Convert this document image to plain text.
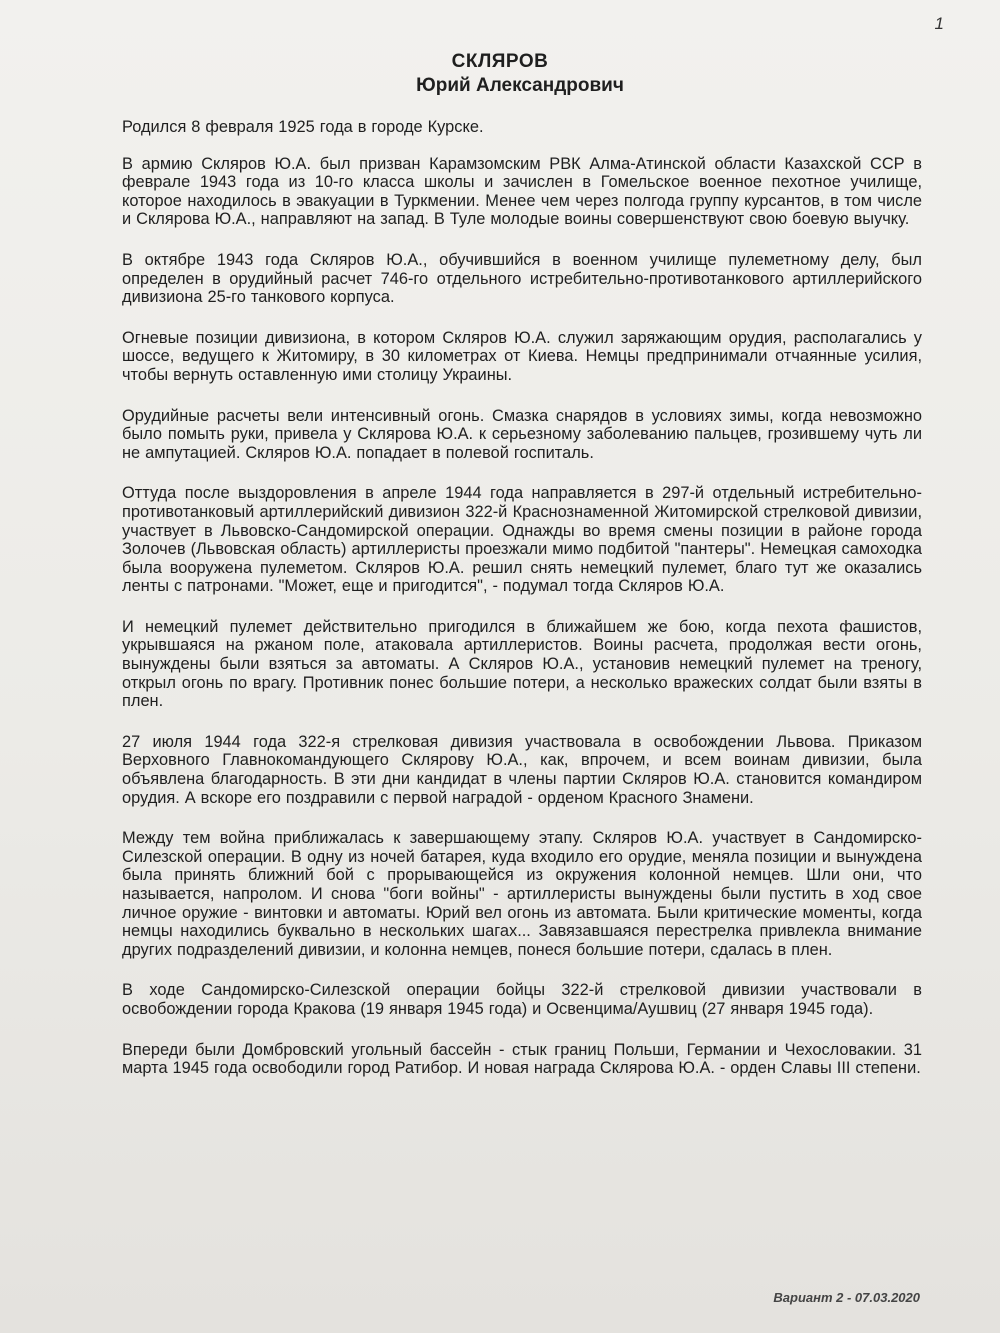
1
СКЛЯРОВ
Юрий Александрович

Родился 8 февраля 1925 года в городе Курске.

В армию Скляров Ю.А. был призван Карамзомским РВК Алма-Атинской области Казахской ССР в феврале 1943 года из 10-го класса школы и зачислен в Гомельское военное пехотное училище, которое находилось в эвакуации в Туркмении. Менее чем через полгода группу курсантов, в том числе и Склярова Ю.А., направляют на запад. В Туле молодые воины совершенствуют свою боевую выучку.

В октябре 1943 года Скляров Ю.А., обучившийся в военном училище пулеметному делу, был определен в орудийный расчет 746-го отдельного истребительно-противотанкового артиллерийского дивизиона 25-го танкового корпуса.

Огневые позиции дивизиона, в котором Скляров Ю.А. служил заряжающим орудия, располагались у шоссе, ведущего к Житомиру, в 30 километрах от Киева. Немцы предпринимали отчаянные усилия, чтобы вернуть оставленную ими столицу Украины.

Орудийные расчеты вели интенсивный огонь. Смазка снарядов в условиях зимы, когда невозможно было помыть руки, привела у Склярова Ю.А. к серьезному заболеванию пальцев, грозившему чуть ли не ампутацией. Скляров Ю.А. попадает в полевой госпиталь.

Оттуда после выздоровления в апреле 1944 года направляется в 297-й отдельный истребительно-противотанковый артиллерийский дивизион 322-й Краснознаменной Житомирской стрелковой дивизии, участвует в Львовско-Сандомирской операции. Однажды во время смены позиции в районе города Золочев (Львовская область) артиллеристы проезжали мимо подбитой "пантеры". Немецкая самоходка была вооружена пулеметом. Скляров Ю.А. решил снять немецкий пулемет, благо тут же оказались ленты с патронами. "Может, еще и пригодится", - подумал тогда Скляров Ю.А.

И немецкий пулемет действительно пригодился в ближайшем же бою, когда пехота фашистов, укрывшаяся на ржаном поле, атаковала артиллеристов. Воины расчета, продолжая вести огонь, вынуждены были взяться за автоматы. А Скляров Ю.А., установив немецкий пулемет на треногу, открыл огонь по врагу. Противник понес большие потери, а несколько вражеских солдат были взяты в плен.

27 июля 1944 года 322-я стрелковая дивизия участвовала в освобождении Львова. Приказом Верховного Главнокомандующего Склярову Ю.А., как, впрочем, и всем воинам дивизии, была объявлена благодарность. В эти дни кандидат в члены партии Скляров Ю.А. становится командиром орудия. А вскоре его поздравили с первой наградой - орденом Красного Знамени.

Между тем война приближалась к завершающему этапу. Скляров Ю.А. участвует в Сандомирско-Силезской операции. В одну из ночей батарея, куда входило его орудие, меняла позиции и вынуждена была принять ближний бой с прорывающейся из окружения колонной немцев. Шли они, что называется, напролом. И снова "боги войны" - артиллеристы вынуждены были пустить в ход свое личное оружие - винтовки и автоматы. Юрий вел огонь из автомата. Были критические моменты, когда немцы находились буквально в нескольких шагах... Завязавшаяся перестрелка привлекла внимание других подразделений дивизии, и колонна немцев, понеся большие потери, сдалась в плен.

В ходе Сандомирско-Силезской операции бойцы 322-й стрелковой дивизии участвовали в освобождении города Кракова (19 января 1945 года) и Освенцима/Аушвиц (27 января 1945 года).

Впереди были Домбровский угольный бассейн - стык границ Польши, Германии и Чехословакии. 31 марта 1945 года освободили город Ратибор. И новая награда Склярова Ю.А. - орден Славы III степени.

Вариант 2 - 07.03.2020
